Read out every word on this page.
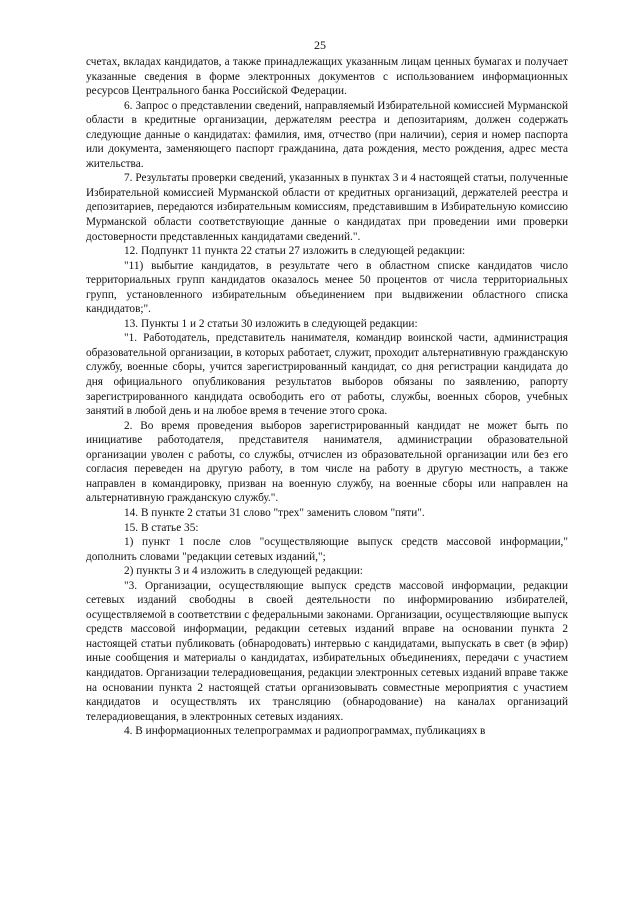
25

счетах, вкладах кандидатов, а также принадлежащих указанным лицам ценных бумагах и получает указанные сведения в форме электронных документов с использованием информационных ресурсов Центрального банка Российской Федерации.

6. Запрос о представлении сведений, направляемый Избирательной комиссией Мурманской области в кредитные организации, держателям реестра и депозитариям, должен содержать следующие данные о кандидатах: фамилия, имя, отчество (при наличии), серия и номер паспорта или документа, заменяющего паспорт гражданина, дата рождения, место рождения, адрес места жительства.

7. Результаты проверки сведений, указанных в пунктах 3 и 4 настоящей статьи, полученные Избирательной комиссией Мурманской области от кредитных организаций, держателей реестра и депозитариев, передаются избирательным комиссиям, представившим в Избирательную комиссию Мурманской области соответствующие данные о кандидатах при проведении ими проверки достоверности представленных кандидатами сведений.".

12. Подпункт 11 пункта 22 статьи 27 изложить в следующей редакции:

"11) выбытие кандидатов, в результате чего в областном списке кандидатов число территориальных групп кандидатов оказалось менее 50 процентов от числа территориальных групп, установленного избирательным объединением при выдвижении областного списка кандидатов;".

13. Пункты 1 и 2 статьи 30 изложить в следующей редакции:

"1. Работодатель, представитель нанимателя, командир воинской части, администрация образовательной организации, в которых работает, служит, проходит альтернативную гражданскую службу, военные сборы, учится зарегистрированный кандидат, со дня регистрации кандидата до дня официального опубликования результатов выборов обязаны по заявлению, рапорту зарегистрированного кандидата освободить его от работы, службы, военных сборов, учебных занятий в любой день и на любое время в течение этого срока.

2. Во время проведения выборов зарегистрированный кандидат не может быть по инициативе работодателя, представителя нанимателя, администрации образовательной организации уволен с работы, со службы, отчислен из образовательной организации или без его согласия переведен на другую работу, в том числе на работу в другую местность, а также направлен в командировку, призван на военную службу, на военные сборы или направлен на альтернативную гражданскую службу.".

14. В пункте 2 статьи 31 слово "трех" заменить словом "пяти".

15. В статье 35:

1) пункт 1 после слов "осуществляющие выпуск средств массовой информации," дополнить словами "редакции сетевых изданий,";

2) пункты 3 и 4 изложить в следующей редакции:

"3. Организации, осуществляющие выпуск средств массовой информации, редакции сетевых изданий свободны в своей деятельности по информированию избирателей, осуществляемой в соответствии с федеральными законами. Организации, осуществляющие выпуск средств массовой информации, редакции сетевых изданий вправе на основании пункта 2 настоящей статьи публиковать (обнародовать) интервью с кандидатами, выпускать в свет (в эфир) иные сообщения и материалы о кандидатах, избирательных объединениях, передачи с участием кандидатов. Организации телерадиовещания, редакции электронных сетевых изданий вправе также на основании пункта 2 настоящей статьи организовывать совместные мероприятия с участием кандидатов и осуществлять их трансляцию (обнародование) на каналах организаций телерадиовещания, в электронных сетевых изданиях.

4. В информационных телепрограммах и радиопрограммах, публикациях в
